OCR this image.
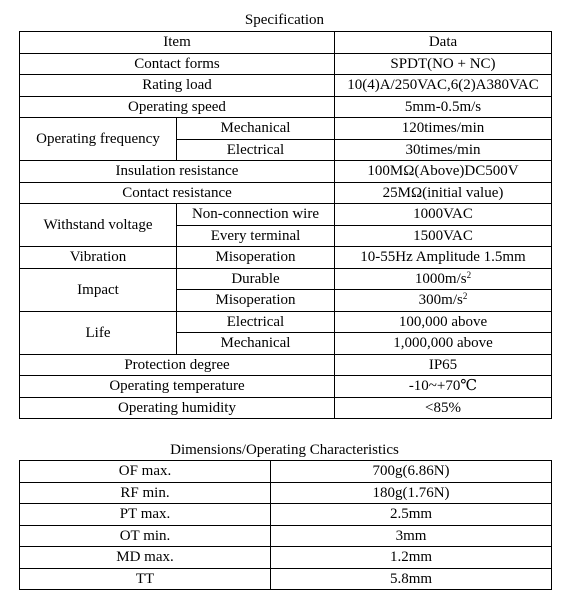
Specification
Item		Data
Contact forms		SPDT(NO + NC)
Rating load		10(4)A/250VAC,6(2)A380VAC
Operating speed		5mm-0.5m/s
Operating frequency	Mechanical	120times/min
	Electrical	30times/min
Insulation resistance		100MΩ(Above)DC500V
Contact resistance		25MΩ(initial value)
Withstand voltage	Non-connection wire	1000VAC
	Every terminal	1500VAC
Vibration	Misoperation	10-55Hz Amplitude 1.5mm
Impact	Durable	$1000m/s^2$
	Misoperation	$300m/s^2$
Life	Electrical	100,000 above
	Mechanical	1,000,000 above
Protection degree		IP65
Operating temperature		-10~+70℃
Operating humidity		<85%
Dimensions/Operating Characteristics
OF max.	700g(6.86N)
RF min.	180g(1.76N)
PT max.	2.5mm
OT min.	3mm
MD max.	1.2mm
TT	5.8mm
